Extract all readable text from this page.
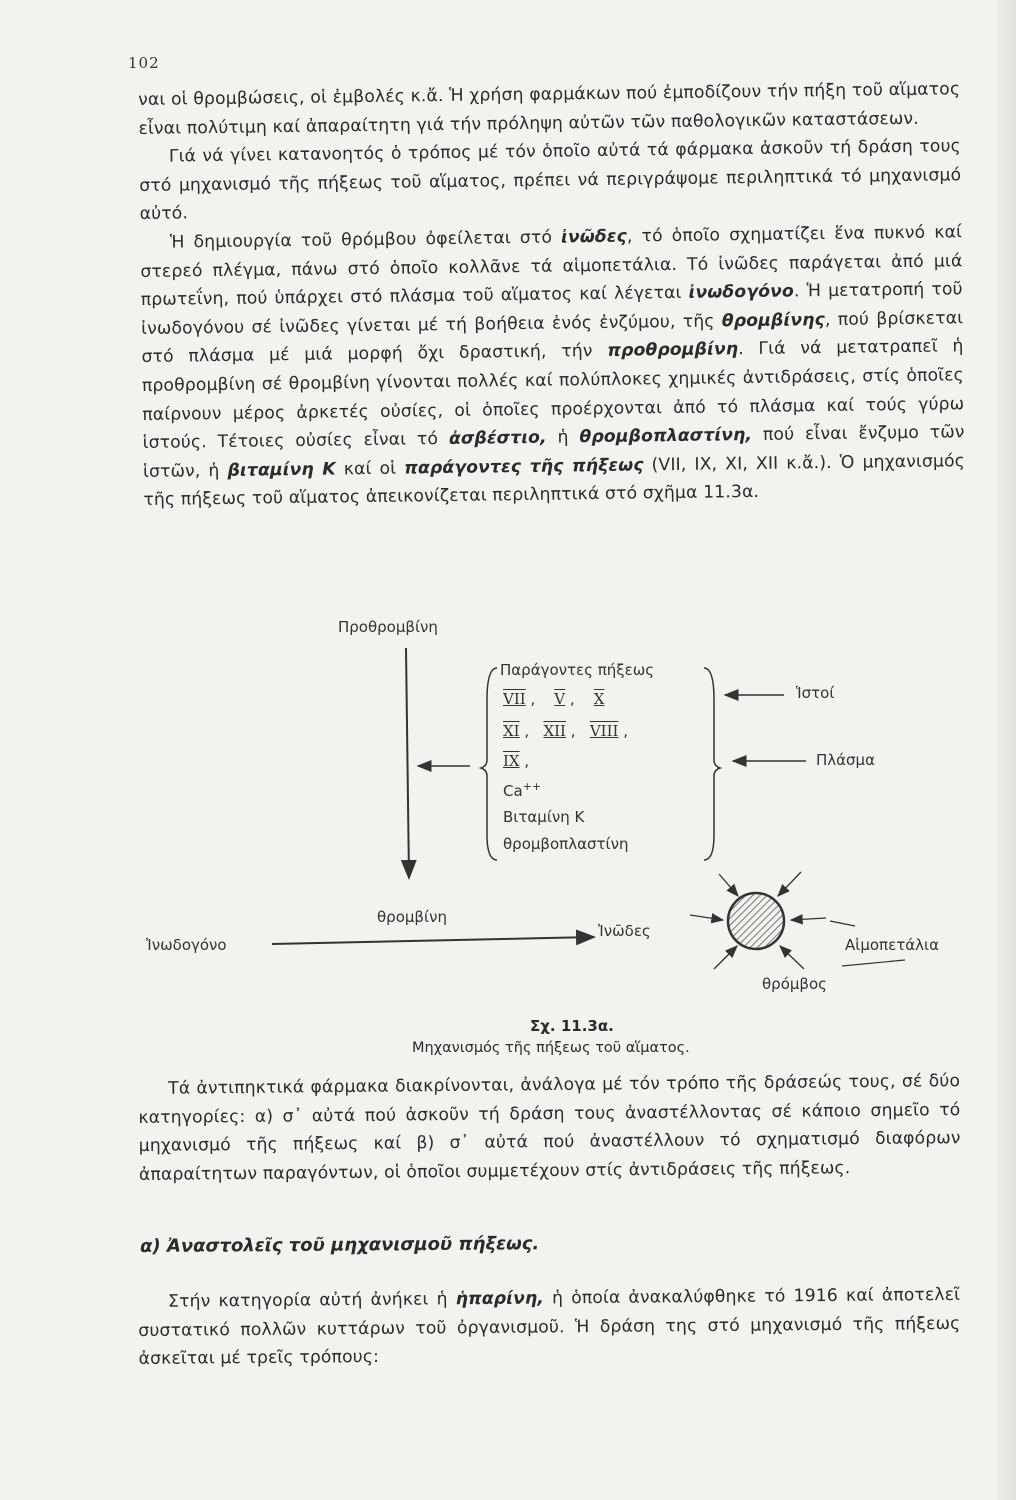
102

ναι οἱ θρομβώσεις, οἱ ἐμβολές κ.ἄ. Ἡ χρήση φαρμάκων πού ἐμποδίζουν τήν πήξη τοῦ αἵματος εἶναι πολύτιμη καί ἀπαραίτητη γιά τήν πρόληψη αὐτῶν τῶν παθολογικῶν καταστάσεων.

Γιά νά γίνει κατανοητός ὁ τρόπος μέ τόν ὁποῖο αὐτά τά φάρμακα ἀσκοῦν τή δράση τους στό μηχανισμό τῆς πήξεως τοῦ αἵματος, πρέπει νά περιγράψομε περιληπτικά τό μηχανισμό αὐτό.

Ἡ δημιουργία τοῦ θρόμβου ὀφείλεται στό ἰνῶδες, τό ὁποῖο σχηματίζει ἕνα πυκνό καί στερεό πλέγμα, πάνω στό ὁποῖο κολλᾶνε τά αἱμοπετάλια. Τό ἰνῶδες παράγεται ἀπό μιά πρωτεΐνη, πού ὑπάρχει στό πλάσμα τοῦ αἵματος καί λέγεται ἰνωδογόνο. Ἡ μετατροπή τοῦ ἰνωδογόνου σέ ἰνῶδες γίνεται μέ τή βοήθεια ἑνός ἐνζύμου, τῆς θρομβίνης, πού βρίσκεται στό πλάσμα μέ μιά μορφή ὄχι δραστική, τήν προθρομβίνη. Γιά νά μετατραπεῖ ἡ προθρομβίνη σέ θρομβίνη γίνονται πολλές καί πολύπλοκες χημικές ἀντιδράσεις, στίς ὁποῖες παίρνουν μέρος ἀρκετές οὐσίες, οἱ ὁποῖες προέρχονται ἀπό τό πλάσμα καί τούς γύρω ἱστούς. Τέτοιες οὐσίες εἶναι τό ἀσβέστιο, ἡ θρομβοπλαστίνη, πού εἶναι ἔνζυμο τῶν ἱστῶν, ἡ βιταμίνη Κ καί οἱ παράγοντες τῆς πήξεως (VII, IX, XI, XII κ.ἄ.). Ὁ μηχανισμός τῆς πήξεως τοῦ αἵματος ἀπεικονίζεται περιληπτικά στό σχῆμα 11.3α.

Προθρομβίνη
Παράγοντες πήξεως
VII ,    V ,    X
XI ,   XII ,   VIII ,
IX ,
Ca++
Βιταμίνη Κ
θρομβοπλαστίνη
Ἱστοί
Πλάσμα
θρομβίνη
Ἰνωδογόνο
Ἰνῶδες
Αἱμοπετάλια
θρόμβος
Σχ. 11.3α.
Μηχανισμός τῆς πήξεως τοῦ αἵματος.

Τά ἀντιπηκτικά φάρμακα διακρίνονται, ἀνάλογα μέ τόν τρόπο τῆς δράσεώς τους, σέ δύο κατηγορίες: α) σ᾽ αὐτά πού ἀσκοῦν τή δράση τους ἀναστέλλοντας σέ κάποιο σημεῖο τό μηχανισμό τῆς πήξεως καί β) σ᾽ αὐτά πού ἀναστέλλουν τό σχηματισμό διαφόρων ἀπαραίτητων παραγόντων, οἱ ὁποῖοι συμμετέχουν στίς ἀντιδράσεις τῆς πήξεως.

α) Ἀναστολεῖς τοῦ μηχανισμοῦ πήξεως.

Στήν κατηγορία αὐτή ἀνήκει ἡ ἡπαρίνη, ἡ ὁποία ἀνακαλύφθηκε τό 1916 καί ἀποτελεῖ συστατικό πολλῶν κυττάρων τοῦ ὀργανισμοῦ. Ἡ δράση της στό μηχανισμό τῆς πήξεως ἀσκεῖται μέ τρεῖς τρόπους:
